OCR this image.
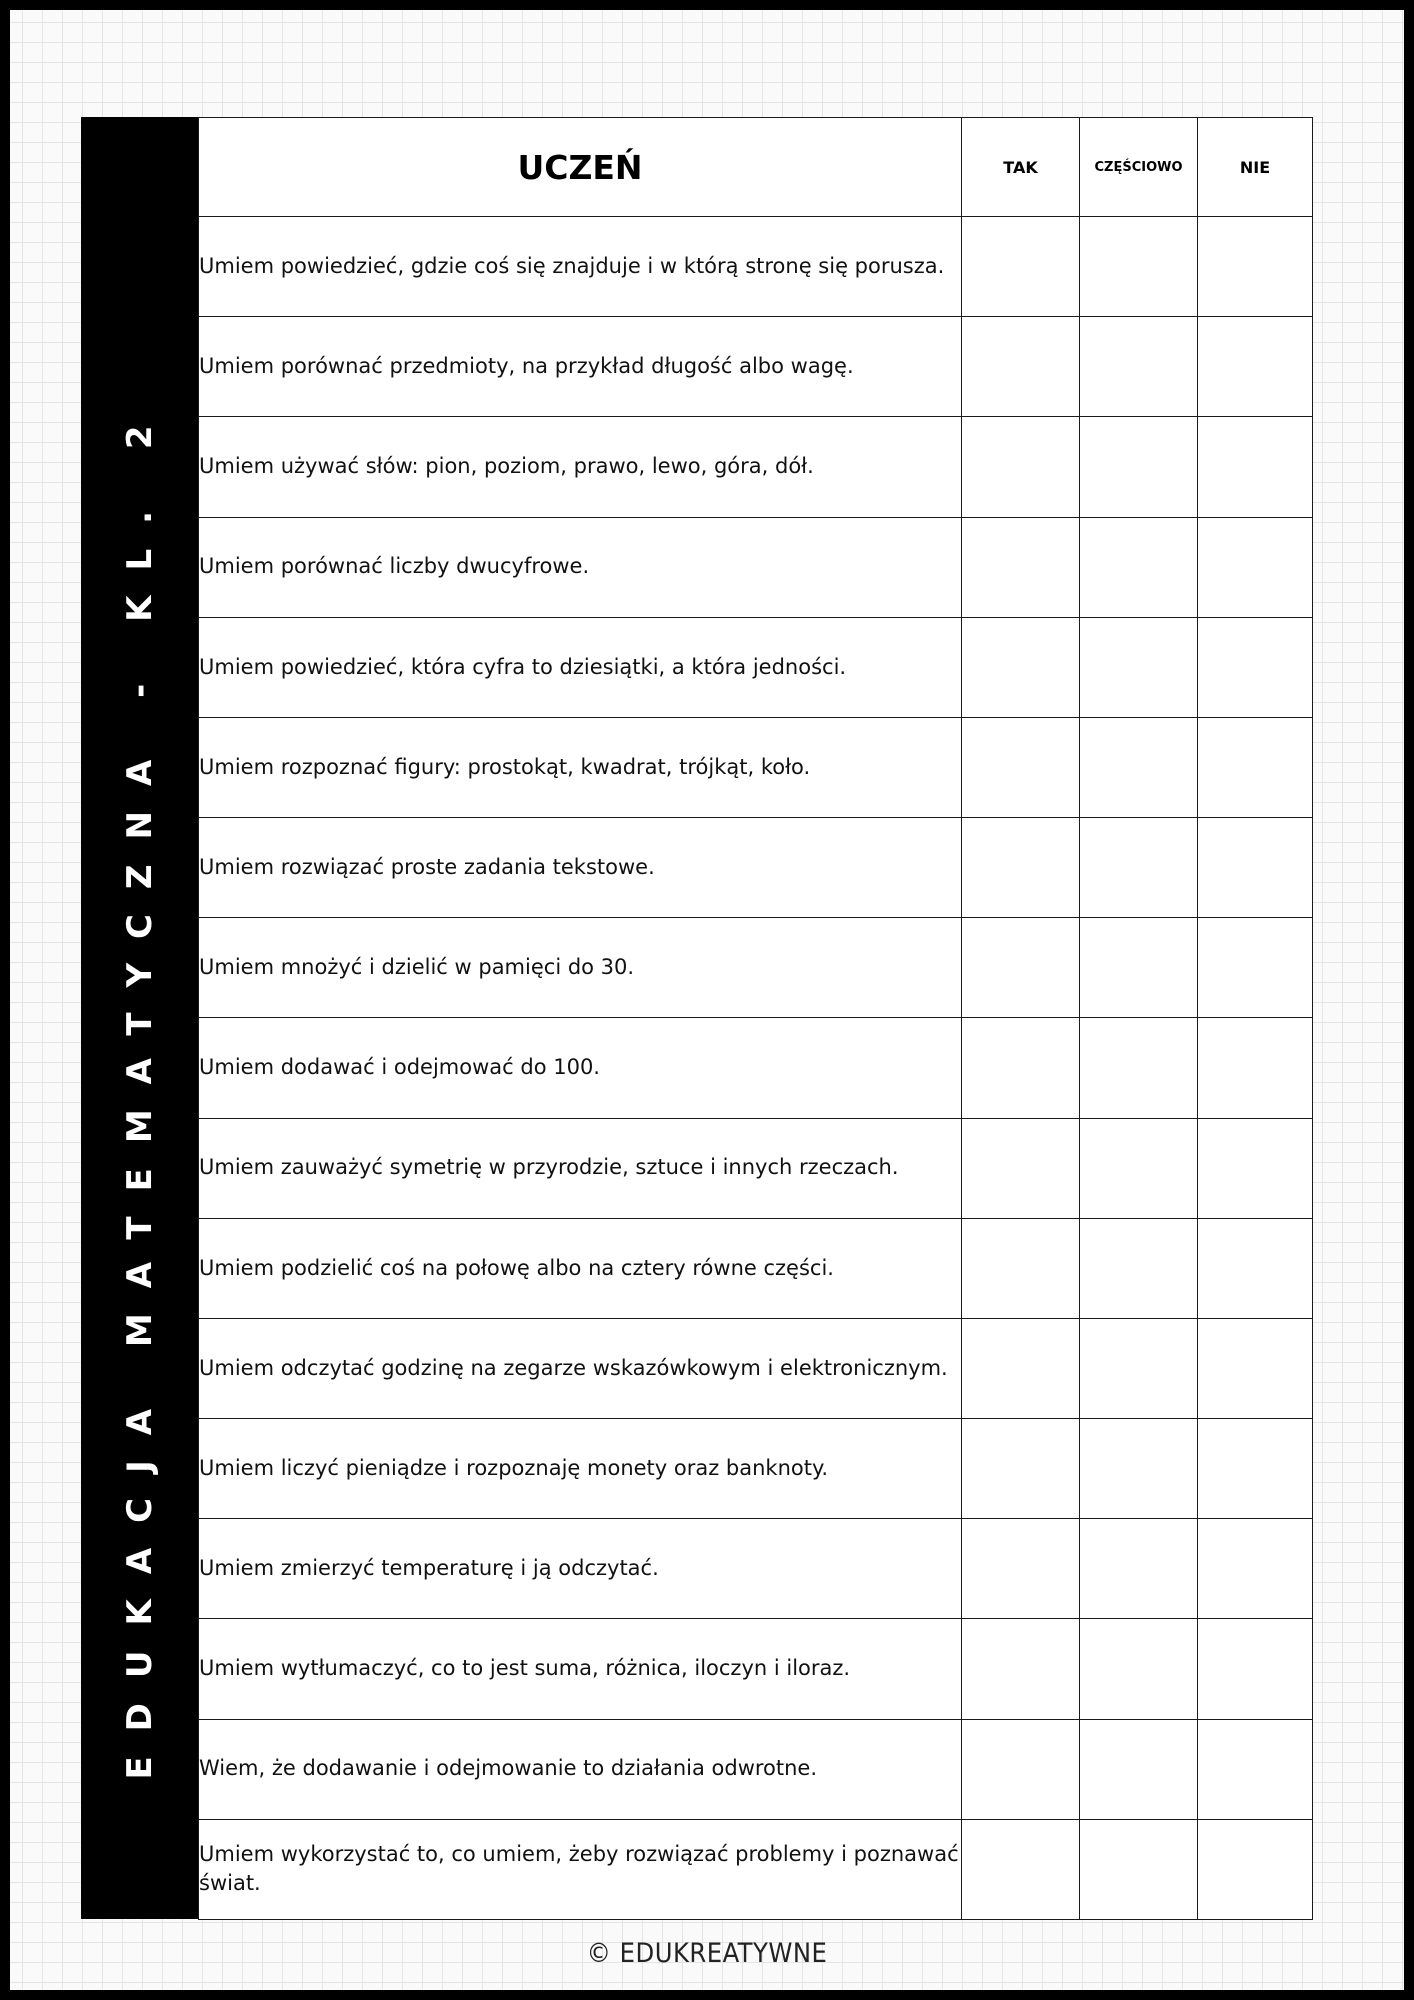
EDUKACJA MATEMATYCZNA - KL. 2
UCZEŃ	TAK	CZĘŚCIOWO	NIE
Umiem powiedzieć, gdzie coś się znajduje i w którą stronę się porusza.			
Umiem porównać przedmioty, na przykład długość albo wagę.			
Umiem używać słów: pion, poziom, prawo, lewo, góra, dół.			
Umiem porównać liczby dwucyfrowe.			
Umiem powiedzieć, która cyfra to dziesiątki, a która jedności.			
Umiem rozpoznać figury: prostokąt, kwadrat, trójkąt, koło.			
Umiem rozwiązać proste zadania tekstowe.			
Umiem mnożyć i dzielić w pamięci do 30.			
Umiem dodawać i odejmować do 100.			
Umiem zauważyć symetrię w przyrodzie, sztuce i innych rzeczach.			
Umiem podzielić coś na połowę albo na cztery równe części.			
Umiem odczytać godzinę na zegarze wskazówkowym i elektronicznym.			
Umiem liczyć pieniądze i rozpoznaję monety oraz banknoty.			
Umiem zmierzyć temperaturę i ją odczytać.			
Umiem wytłumaczyć, co to jest suma, różnica, iloczyn i iloraz.			
Wiem, że dodawanie i odejmowanie to działania odwrotne.			
Umiem wykorzystać to, co umiem, żeby rozwiązać problemy i poznawać świat.			
© EDUKREATYWNE
